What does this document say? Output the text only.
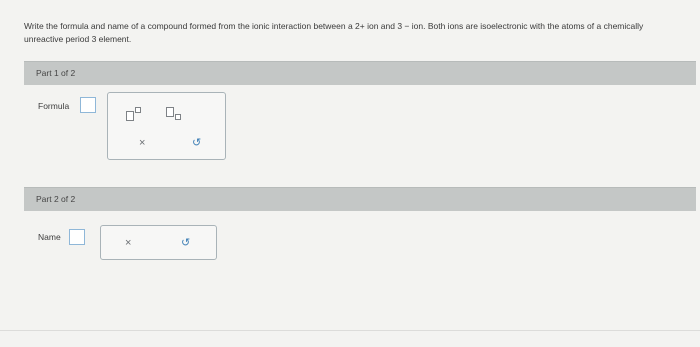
Write the formula and name of a compound formed from the ionic interaction between a 2+ ion and 3 − ion. Both ions are isoelectronic with the atoms of a chemically unreactive period 3 element.
Part 1 of 2
Formula
×	↺
Part 2 of 2
Name	×	↺
